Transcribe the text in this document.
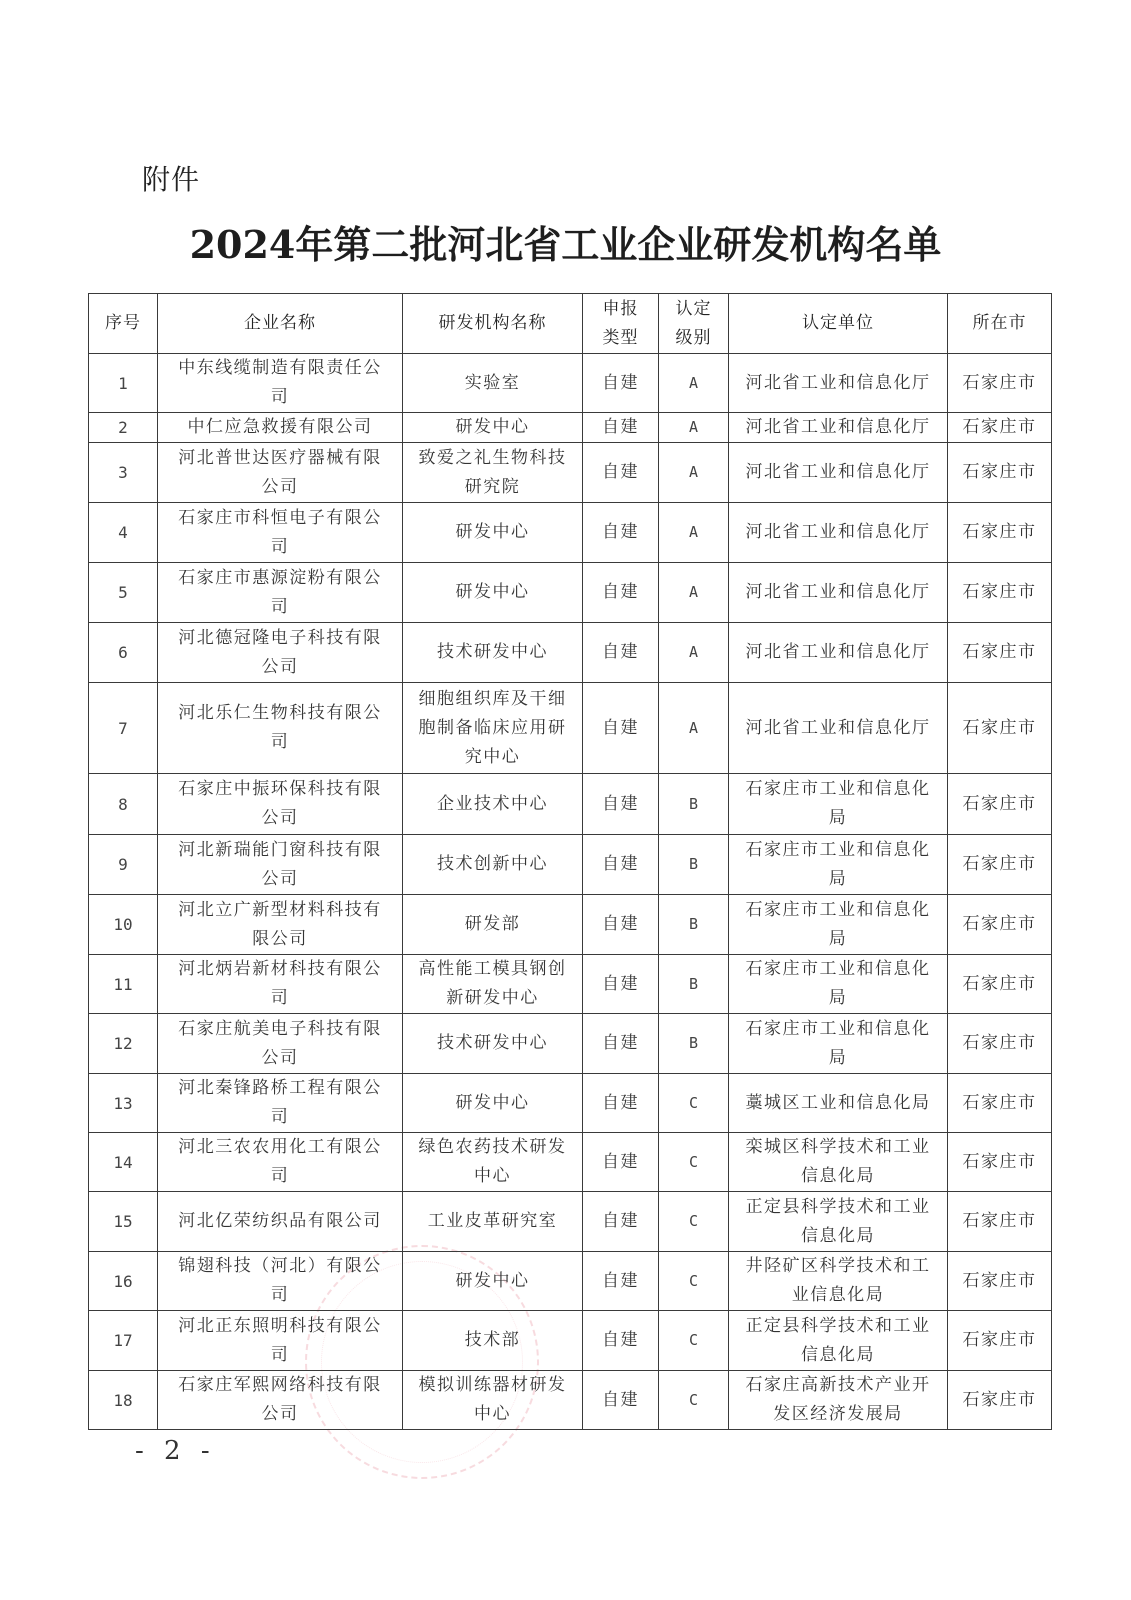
附件
2024年第二批河北省工业企业研发机构名单
序号	企业名称	研发机构名称	申报类型	认定级别	认定单位	所在市
1	中东线缆制造有限责任公司	实验室	自建	A	河北省工业和信息化厅	石家庄市
2	中仁应急救援有限公司	研发中心	自建	A	河北省工业和信息化厅	石家庄市
3	河北普世达医疗器械有限公司	致爱之礼生物科技研究院	自建	A	河北省工业和信息化厅	石家庄市
4	石家庄市科恒电子有限公司	研发中心	自建	A	河北省工业和信息化厅	石家庄市
5	石家庄市惠源淀粉有限公司	研发中心	自建	A	河北省工业和信息化厅	石家庄市
6	河北德冠隆电子科技有限公司	技术研发中心	自建	A	河北省工业和信息化厅	石家庄市
7	河北乐仁生物科技有限公司	细胞组织库及干细胞制备临床应用研究中心	自建	A	河北省工业和信息化厅	石家庄市
8	石家庄中振环保科技有限公司	企业技术中心	自建	B	石家庄市工业和信息化局	石家庄市
9	河北新瑞能门窗科技有限公司	技术创新中心	自建	B	石家庄市工业和信息化局	石家庄市
10	河北立广新型材料科技有限公司	研发部	自建	B	石家庄市工业和信息化局	石家庄市
11	河北炳岩新材科技有限公司	高性能工模具钢创新研发中心	自建	B	石家庄市工业和信息化局	石家庄市
12	石家庄航美电子科技有限公司	技术研发中心	自建	B	石家庄市工业和信息化局	石家庄市
13	河北秦锋路桥工程有限公司	研发中心	自建	C	藁城区工业和信息化局	石家庄市
14	河北三农农用化工有限公司	绿色农药技术研发中心	自建	C	栾城区科学技术和工业信息化局	石家庄市
15	河北亿荣纺织品有限公司	工业皮革研究室	自建	C	正定县科学技术和工业信息化局	石家庄市
16	锦翅科技（河北）有限公司	研发中心	自建	C	井陉矿区科学技术和工业信息化局	石家庄市
17	河北正东照明科技有限公司	技术部	自建	C	正定县科学技术和工业信息化局	石家庄市
18	石家庄军熙网络科技有限公司	模拟训练器材研发中心	自建	C	石家庄高新技术产业开发区经济发展局	石家庄市
- 2 -
